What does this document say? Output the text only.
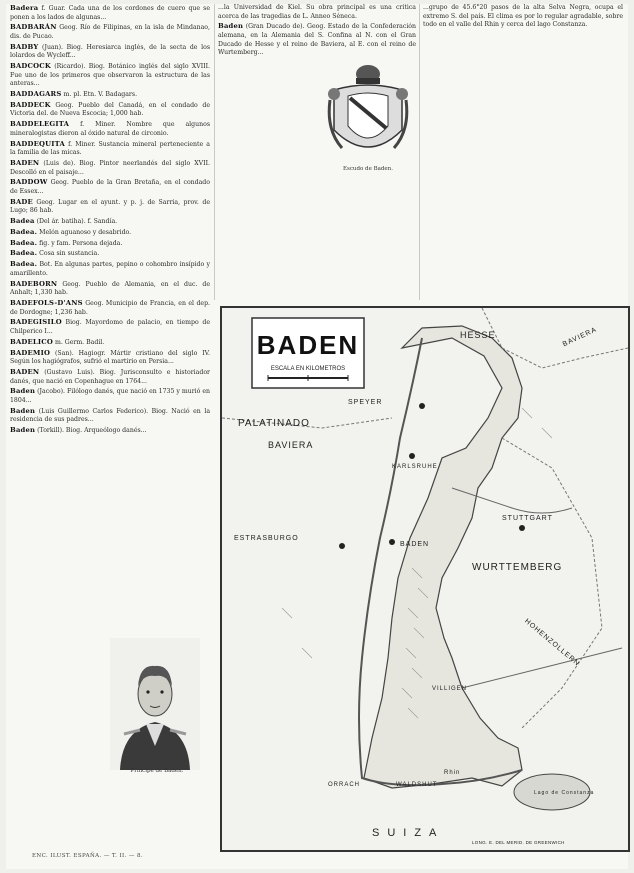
Badera f. Guar. Cada una de los cordones de cuero que se ponen a los lados de algunas...

BADBARÁN Geog. Río de Filipinas, en la isla de Mindanao, dis. de Pucao.

BADBY (Juan). Biog. Heresiarca inglés, de la secta de los lolardos de Wycleff...

BADCOCK (Ricardo). Biog. Botánico inglés del siglo XVIII. Fue uno de los primeros que observaron la estructura de las anteras...

BADDAGARS m. pl. Etn. V. Badagars.

BADDECK Geog. Pueblo del Canadá, en el condado de Victoria del. de Nueva Escocia; 1,000 hab.

BADDELEGITA f. Miner. Nombre que algunos mineralogistas dieron al óxido natural de circonio.

BADDEQUITA f. Miner. Sustancia mineral perteneciente a la familia de las micas.

BADEN (Luis de). Biog. Pintor neerlandés del siglo XVII. Descolló en el paisaje...

BADDOW Geog. Pueblo de la Gran Bretaña, en el condado de Essex...

BADE Geog. Lugar en el ayunt. y p. j. de Sarria, prov. de Lugo; 86 hab.

Badea (Del ár. batiha). f. Sandía.

Badea. Melón aguanoso y desabrido.

Badea. fig. y fam. Persona dejada.

Badea. Cosa sin sustancia.

Badea. Bot. En algunas partes, pepino o cohombro insípido y amarillento.

BADEBORN Geog. Pueblo de Alemania, en el duc. de Anhalt; 1,330 hab.

BADEFOLS-D'ANS Geog. Municipio de Francia, en el dep. de Dordogne; 1,236 hab.

BADEGISILO Biog. Mayordomo de palacio, en tiempo de Chilperico I...

BADELICO m. Germ. Badil.

BADEMIO (San). Hagiogr. Mártir cristiano del siglo IV. Según los hagiógrafos, sufrió el martirio en Persia...

BADEN (Gustavo Luis). Biog. Jurisconsulto e historiador danés, que nació en Copenhague en 1764...

Baden (Jacobo). Filólogo danés, que nació en 1735 y murió en 1804...

Baden (Luis Guillermo Carlos Federico). Biog. Nació en la residencia de sus padres...

Baden (Torkill). Biog. Arqueólogo danés...

...la Universidad de Kiel. Su obra principal es una crítica acerca de las tragedias de L. Anneo Séneca.

Baden (Gran Ducado de). Geog. Estado de la Confederación alemana, en la Alemania del S. Confina al N. con el Gran Ducado de Hesse y el reino de Baviera, al E. con el reino de Wurtemberg...

...grupo de 45.6°20 pasos de la alta Selva Negra, ocupa el extremo S. del país. El clima es por lo regular agradable, sobre todo en el valle del Rhin y cerca del lago Constanza.

Escudo de Baden.
Príncipe de Baden.
BADEN
ESCALA EN KILOMETROS
HESSE	BAVIERA
PALATINADO
BAVIERA
SPEYER
KARLSRUHE
BADEN
STUTTGART
ESTRASBURGO
WURTTEMBERG
HOHENZOLLERN
VILLIGEN
Rhin
ORRACH	WALDSHUT
SUIZA
Lago de Constanza
LONG. E. DEL MERID. DE GREENWICH
ENC. ILUST. ESPAÑA. — T. II. — 8.
